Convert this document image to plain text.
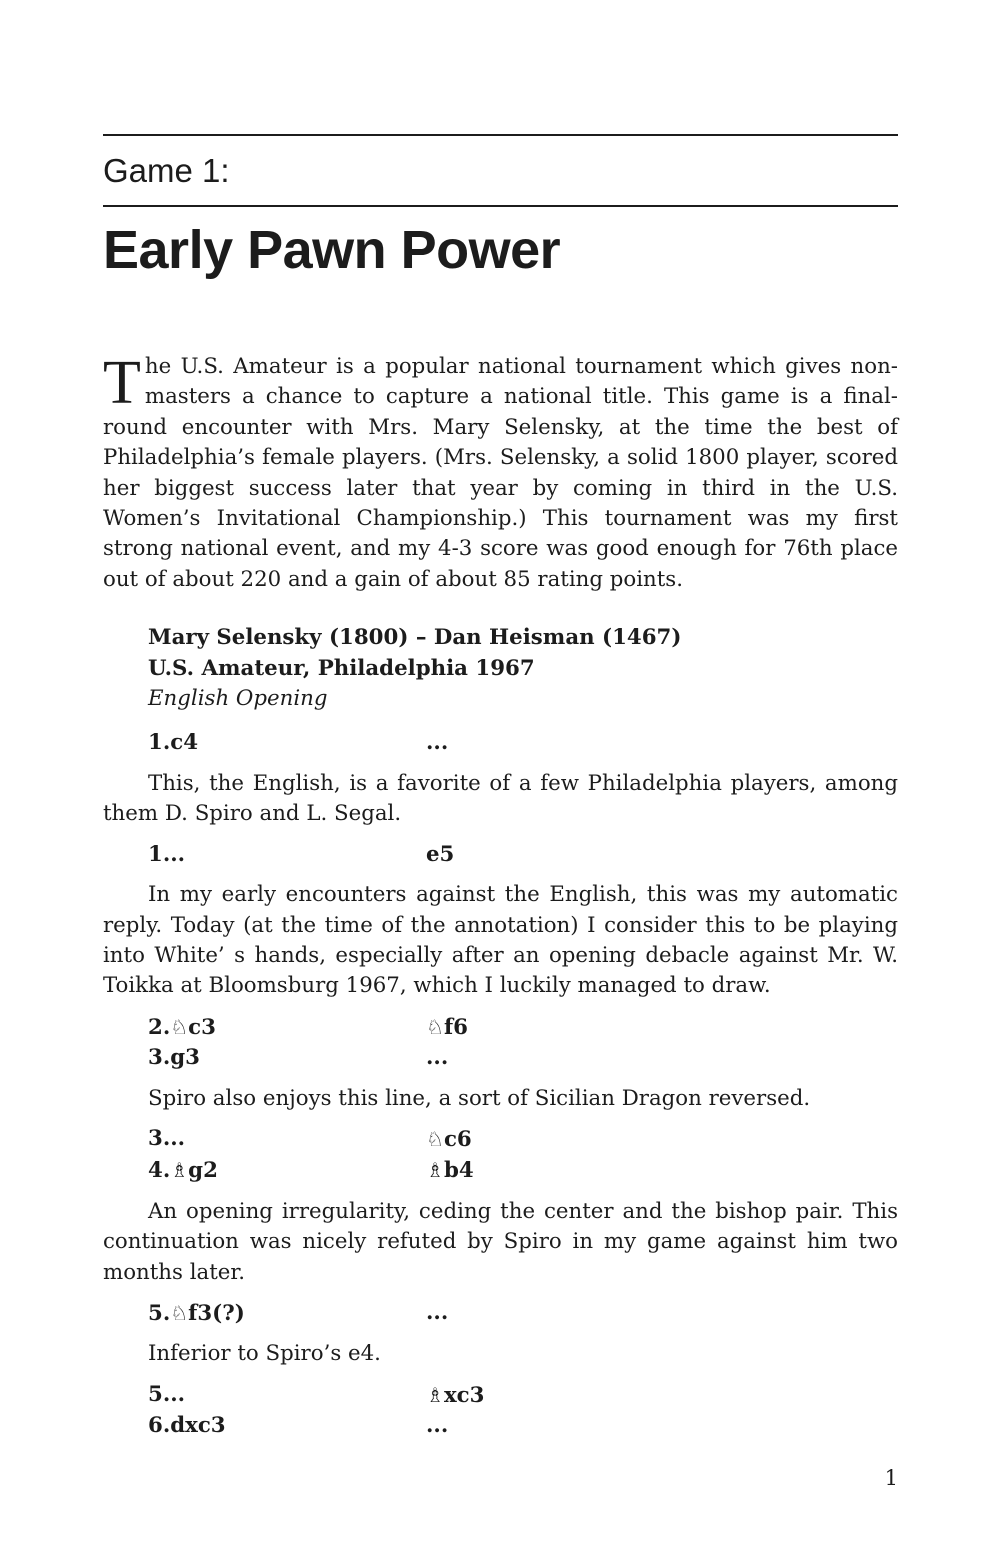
Game 1:
Early Pawn Power

The U.S. Amateur is a popular national tournament which gives non-masters a chance to capture a national title. This game is a final-round encounter with Mrs. Mary Selensky, at the time the best of Philadelphia’s female players. (Mrs. Selensky, a solid 1800 player, scored her biggest success later that year by coming in third in the U.S. Women’s Invitational Championship.) This tournament was my first strong national event, and my 4-3 score was good enough for 76th place out of about 220 and a gain of about 85 rating points.

Mary Selensky (1800) – Dan Heisman (1467)

U.S. Amateur, Philadelphia 1967

English Opening

1.c4	...

This, the English, is a favorite of a few Philadelphia players, among them D. Spiro and L. Segal.

1...	e5

In my early encounters against the English, this was my automatic reply. Today (at the time of the annotation) I consider this to be playing into White’ s hands, especially after an opening debacle against Mr. W. Toikka at Bloomsburg 1967, which I luckily managed to draw.

2.♘c3	♘f6
3.g3	...

Spiro also enjoys this line, a sort of Sicilian Dragon reversed.

3...	♘c6
4.♗g2	♗b4

An opening irregularity, ceding the center and the bishop pair. This continuation was nicely refuted by Spiro in my game against him two months later.

5.♘f3(?)	...

Inferior to Spiro’s e4.

5...	♗xc3
6.dxc3	...
1
